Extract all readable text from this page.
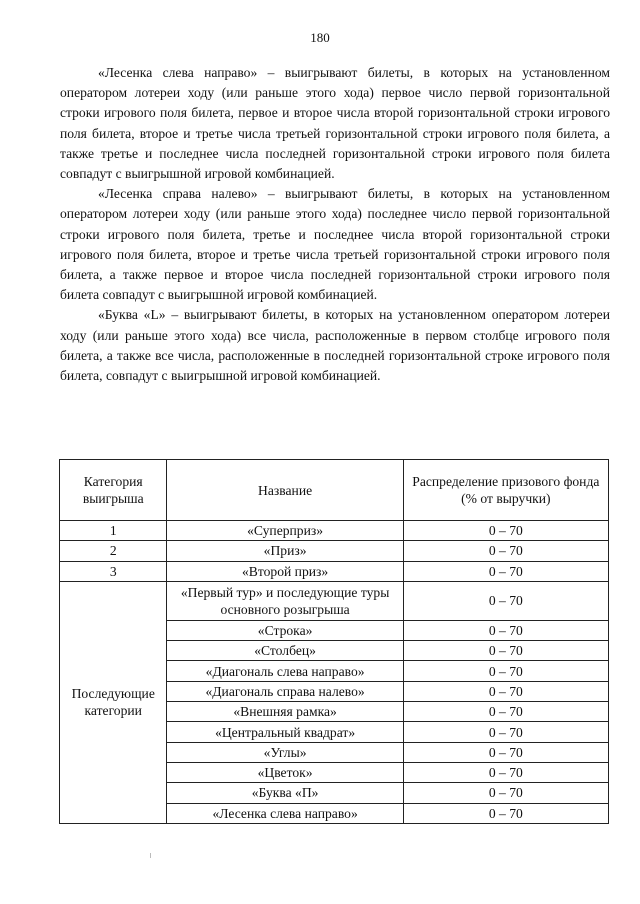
180

«Лесенка слева направо» – выигрывают билеты, в которых на установленном оператором лотереи ходу (или раньше этого хода) первое число первой горизонтальной строки игрового поля билета, первое и второе числа второй горизонтальной строки игрового поля билета, второе и третье числа третьей горизонтальной строки игрового поля билета, а также третье и последнее числа последней горизонтальной строки игрового поля билета совпадут с выигрышной игровой комбинацией.

«Лесенка справа налево» – выигрывают билеты, в которых на установленном оператором лотереи ходу (или раньше этого хода) последнее число первой горизонтальной строки игрового поля билета, третье и последнее числа второй горизонтальной строки игрового поля билета, второе и третье числа третьей горизонтальной строки игрового поля билета, а также первое и второе числа последней горизонтальной строки игрового поля билета совпадут с выигрышной игровой комбинацией.

«Буква «L» – выигрывают билеты, в которых на установленном оператором лотереи ходу (или раньше этого хода) все числа, расположенные в первом столбце игрового поля билета, а также все числа, расположенные в последней горизонтальной строке игрового поля билета, совпадут с выигрышной игровой комбинацией.

Категория выигрыша	Название	Распределение призового фонда (% от выручки)
1	«Суперприз»	0 – 70
2	«Приз»	0 – 70
3	«Второй приз»	0 – 70
Последующие категории	«Первый тур» и последующие туры основного розыгрыша	0 – 70
	«Строка»	0 – 70
	«Столбец»	0 – 70
	«Диагональ слева направо»	0 – 70
	«Диагональ справа налево»	0 – 70
	«Внешняя рамка»	0 – 70
	«Центральный квадрат»	0 – 70
	«Углы»	0 – 70
	«Цветок»	0 – 70
	«Буква «П»	0 – 70
	«Лесенка слева направо»	0 – 70
